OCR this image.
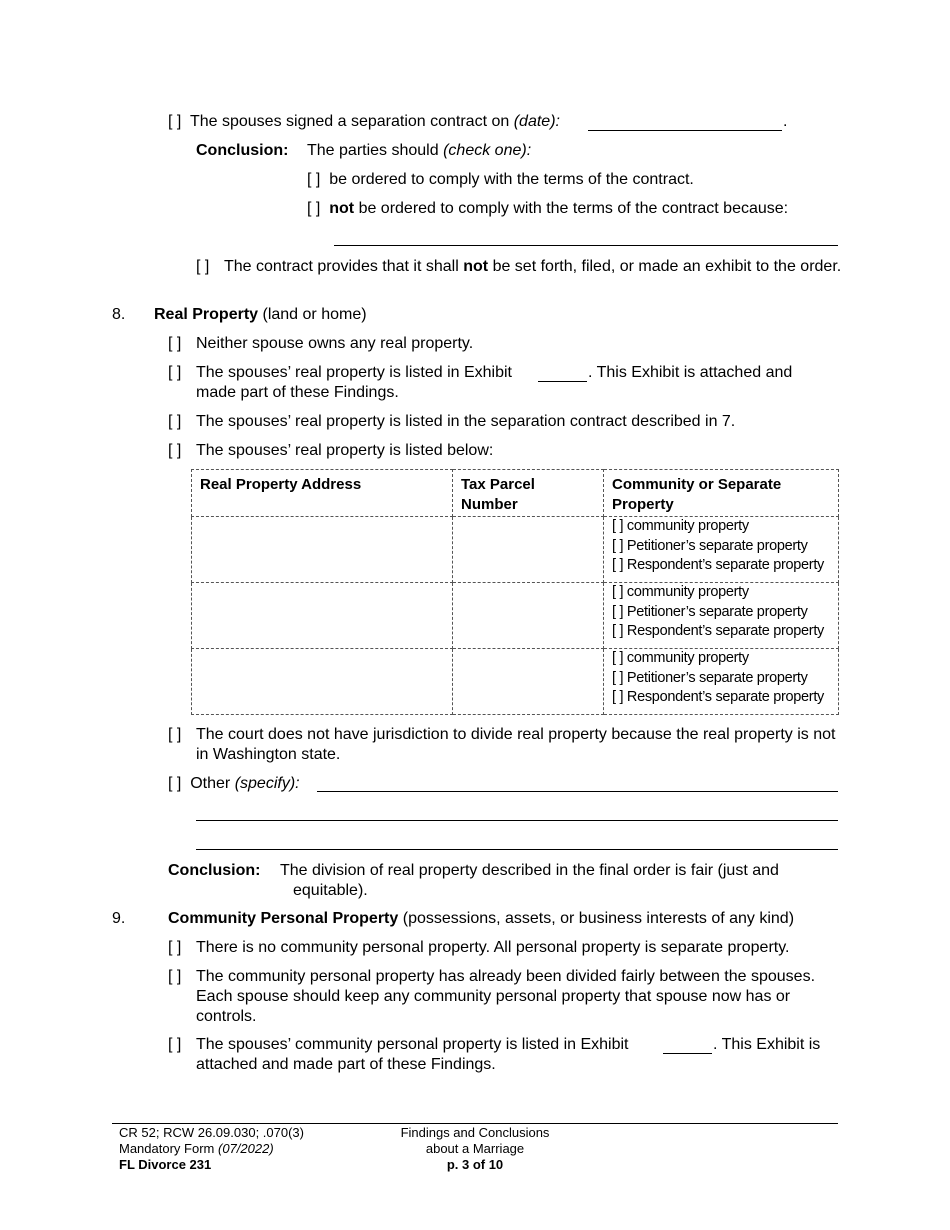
[ ] The spouses signed a separation contract on (date):	.
Conclusion: The parties should (check one):
[ ] be ordered to comply with the terms of the contract.
[ ] not be ordered to comply with the terms of the contract because:
[ ] The contract provides that it shall not be set forth, filed, or made an exhibit to the order.
8. Real Property (land or home)
[ ] Neither spouse owns any real property.
[ ] The spouses’ real property is listed in Exhibit	. This Exhibit is attached and made part of these Findings.
[ ] The spouses’ real property is listed in the separation contract described in 7.
[ ] The spouses’ real property is listed below:
Real Property Address	Tax Parcel Number	Community or Separate Property

		[ ] community property
[ ] Petitioner’s separate property
[ ] Respondent’s separate property

		[ ] community property
[ ] Petitioner’s separate property
[ ] Respondent’s separate property

		[ ] community property
[ ] Petitioner’s separate property
[ ] Respondent’s separate property
[ ] The court does not have jurisdiction to divide real property because the real property is not in Washington state.
[ ] Other (specify):
Conclusion: The division of real property described in the final order is fair (just and equitable).
9.	Community Personal Property (possessions, assets, or business interests of any kind)
[ ] There is no community personal property. All personal property is separate property.
[ ] The community personal property has already been divided fairly between the spouses. Each spouse should keep any community personal property that spouse now has or controls.
[ ] The spouses’ community personal property is listed in Exhibit	. This Exhibit is attached and made part of these Findings.
CR 52; RCW 26.09.030; .070(3)
Mandatory Form (07/2022)
FL Divorce 231
Findings and Conclusions
about a Marriage
p. 3 of 10
